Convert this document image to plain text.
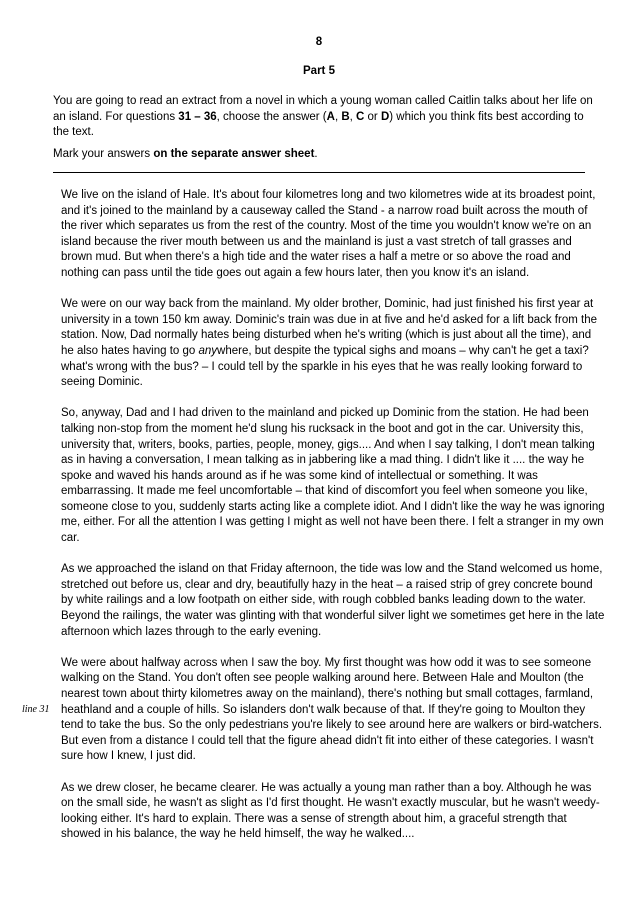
8
Part 5

You are going to read an extract from a novel in which a young woman called Caitlin talks about her life on an island. For questions 31 – 36, choose the answer (A, B, C or D) which you think fits best according to the text.

Mark your answers on the separate answer sheet.

We live on the island of Hale. It's about four kilometres long and two kilometres wide at its broadest point, and it's joined to the mainland by a causeway called the Stand - a narrow road built across the mouth of the river which separates us from the rest of the country. Most of the time you wouldn't know we're on an island because the river mouth between us and the mainland is just a vast stretch of tall grasses and brown mud. But when there's a high tide and the water rises a half a metre or so above the road and nothing can pass until the tide goes out again a few hours later, then you know it's an island.

We were on our way back from the mainland. My older brother, Dominic, had just finished his first year at university in a town 150 km away. Dominic's train was due in at five and he'd asked for a lift back from the station. Now, Dad normally hates being disturbed when he's writing (which is just about all the time), and he also hates having to go anywhere, but despite the typical sighs and moans – why can't he get a taxi? what's wrong with the bus? – I could tell by the sparkle in his eyes that he was really looking forward to seeing Dominic.

So, anyway, Dad and I had driven to the mainland and picked up Dominic from the station. He had been talking non-stop from the moment he'd slung his rucksack in the boot and got in the car. University this, university that, writers, books, parties, people, money, gigs.... And when I say talking, I don't mean talking as in having a conversation, I mean talking as in jabbering like a mad thing. I didn't like it .... the way he spoke and waved his hands around as if he was some kind of intellectual or something. It was embarrassing. It made me feel uncomfortable – that kind of discomfort you feel when someone you like, someone close to you, suddenly starts acting like a complete idiot. And I didn't like the way he was ignoring me, either. For all the attention I was getting I might as well not have been there. I felt a stranger in my own car.

As we approached the island on that Friday afternoon, the tide was low and the Stand welcomed us home, stretched out before us, clear and dry, beautifully hazy in the heat – a raised strip of grey concrete bound by white railings and a low footpath on either side, with rough cobbled banks leading down to the water. Beyond the railings, the water was glinting with that wonderful silver light we sometimes get here in the late afternoon which lazes through to the early evening.

We were about halfway across when I saw the boy. My first thought was how odd it was to see someone walking on the Stand. You don't often see people walking around here. Between Hale and Moulton (the nearest town about thirty kilometres away on the mainland), there's nothing but small cottages, farmland, heathland and a couple of hills. So islanders don't walk because of that. If they're going to Moulton they tend to take the bus. So the only pedestrians you're likely to see around here are walkers or bird-watchers. But even from a distance I could tell that the figure ahead didn't fit into either of these categories. I wasn't sure how I knew, I just did.

As we drew closer, he became clearer. He was actually a young man rather than a boy. Although he was on the small side, he wasn't as slight as I'd first thought. He wasn't exactly muscular, but he wasn't weedy-looking either. It's hard to explain. There was a sense of strength about him, a graceful strength that showed in his balance, the way he held himself, the way he walked....

line 31
